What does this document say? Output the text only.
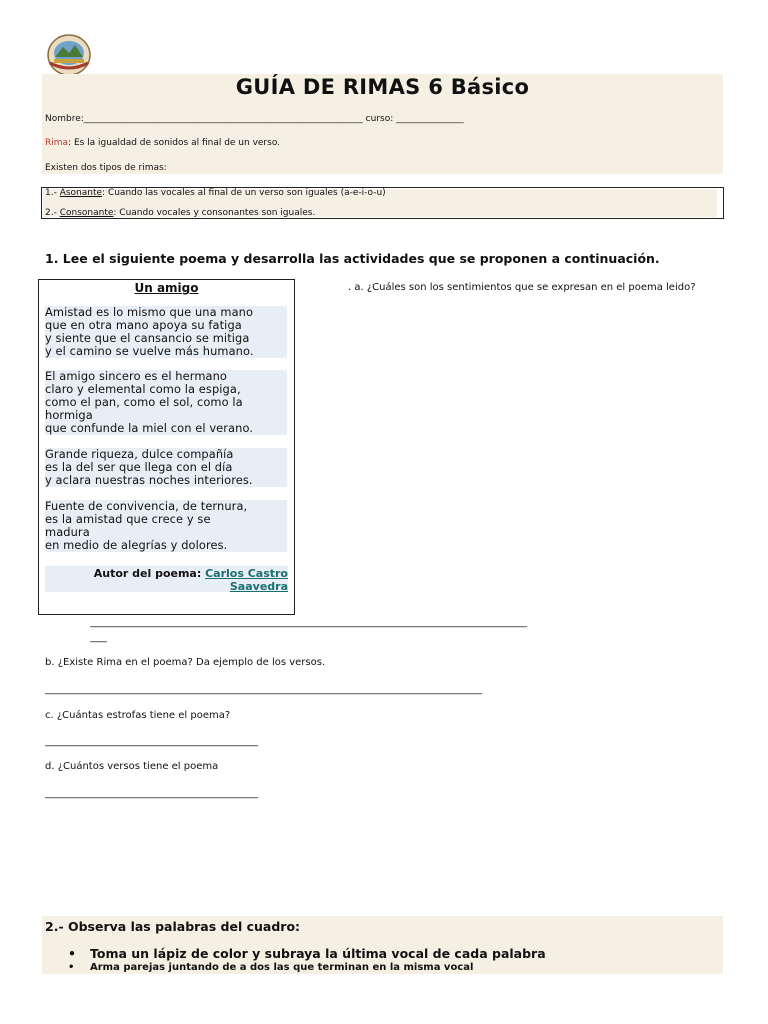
GUÍA DE RIMAS 6 Básico
Nombre:______________________________________________________________ curso: _______________
Rima: Es la igualdad de sonidos al final de un verso.
Existen dos tipos de rimas:
1.- Asonante: Cuando las vocales al final de un verso son iguales (a-e-i-o-u)
2.- Consonante: Cuando vocales y consonantes son iguales.
1. Lee el siguiente poema y desarrolla las actividades que se proponen a continuación.
Un amigo
Amistad es lo mismo que una mano
que en otra mano apoya su fatiga
y siente que el cansancio se mitiga
y el camino se vuelve más humano.
El amigo sincero es el hermano
claro y elemental como la espiga,
como el pan, como el sol, como la
hormiga
que confunde la miel con el verano.
Grande riqueza, dulce compañía
es la del ser que llega con el día
y aclara nuestras noches interiores.
Fuente de convivencia, de ternura,
es la amistad que crece y se
madura
en medio de alegrías y dolores.
Autor del poema: Carlos Castro
Saavedra
. a. ¿Cuáles son los sentimientos que se expresan en el poema leido?
_____________________________________________________________________________________________________________
____
b. ¿Existe Rima en el poema? Da ejemplo de los versos.
_____________________________________________________________________________________________________________
c. ¿Cuántas estrofas tiene el poema?
_____________________________________________________
d. ¿Cuántos versos tiene el poema
_____________________________________________________
2.- Observa las palabras del cuadro:
• Toma un lápiz de color y subraya la última vocal de cada palabra
• Arma parejas juntando de a dos las que terminan en la misma vocal
